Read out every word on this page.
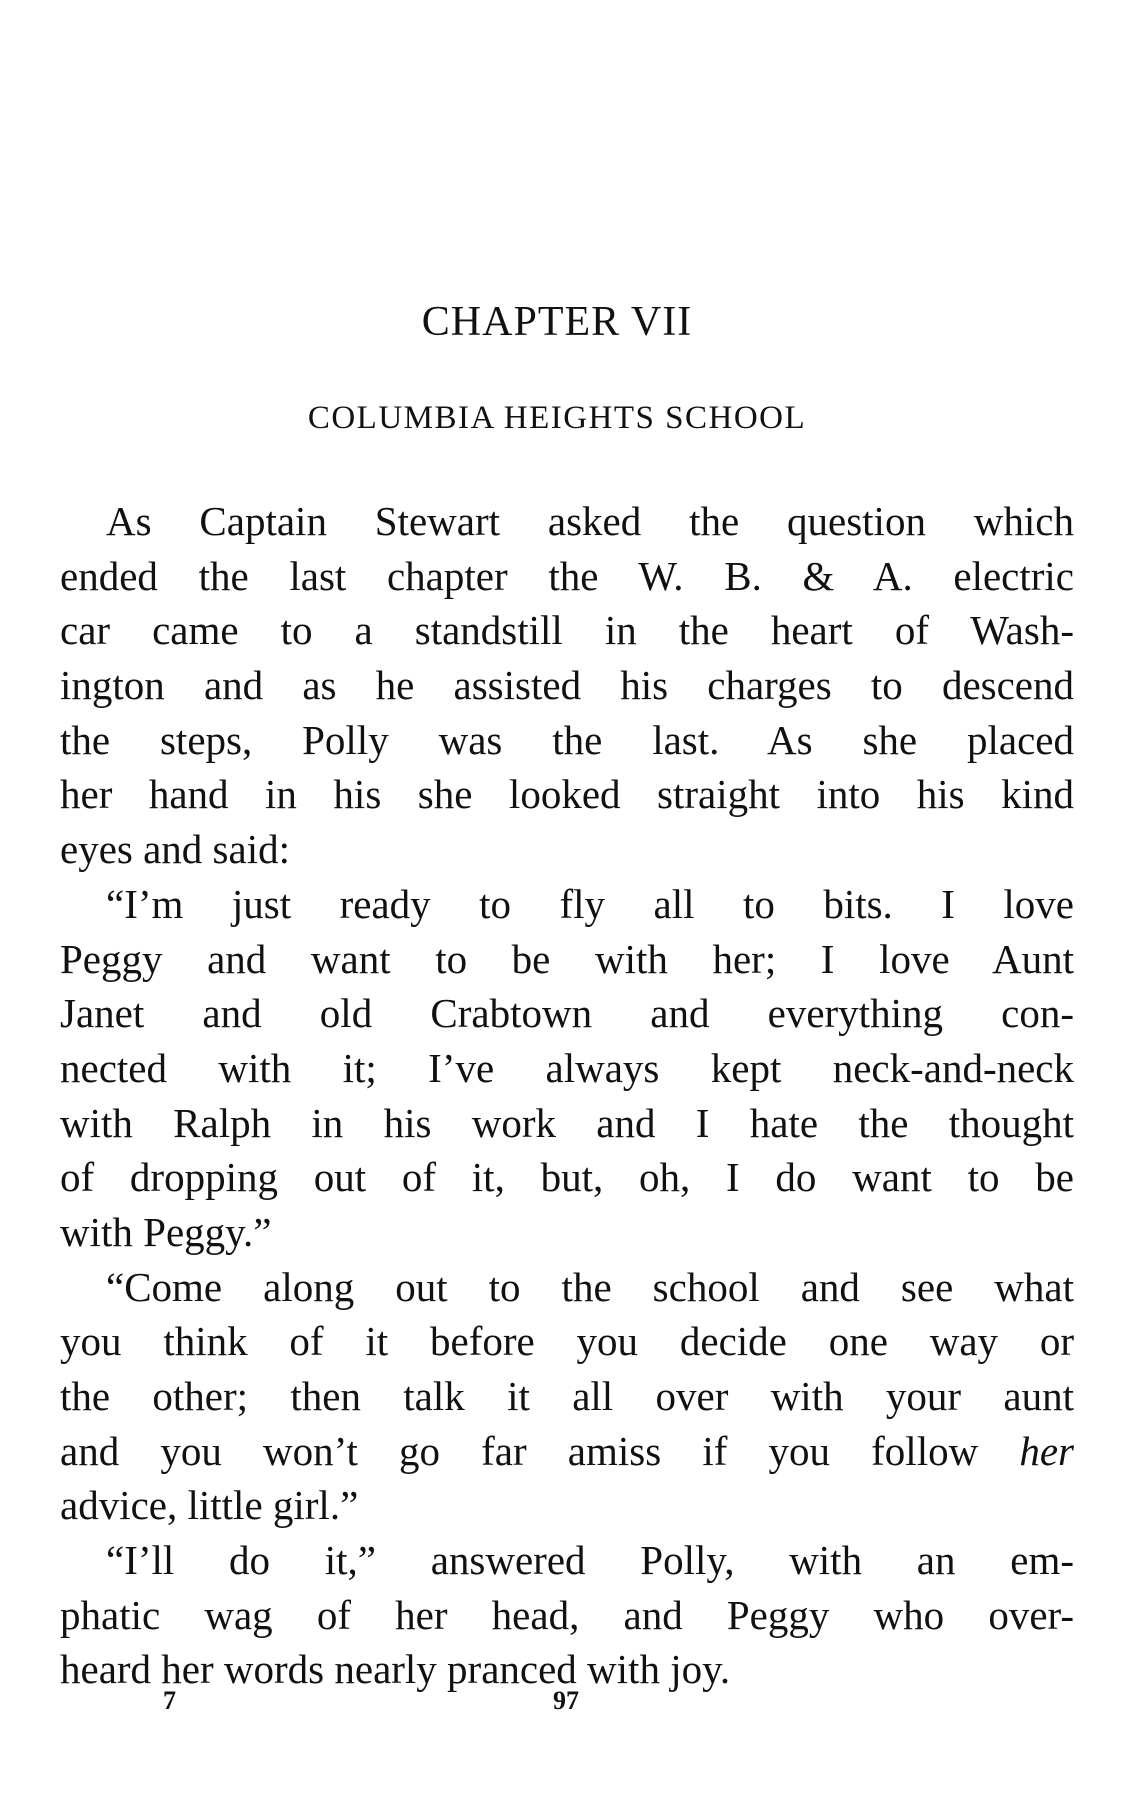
CHAPTER VII
COLUMBIA HEIGHTS SCHOOL
As Captain Stewart asked the question which
ended the last chapter the W. B. & A. electric
car came to a standstill in the heart of Wash-
ington and as he assisted his charges to descend
the steps, Polly was the last. As she placed
her hand in his she looked straight into his kind
eyes and said:
“I’m just ready to fly all to bits. I love
Peggy and want to be with her; I love Aunt
Janet and old Crabtown and everything con-
nected with it; I’ve always kept neck-and-neck
with Ralph in his work and I hate the thought
of dropping out of it, but, oh, I do want to be
with Peggy.”
“Come along out to the school and see what
you think of it before you decide one way or
the other; then talk it all over with your aunt
and you won’t go far amiss if you follow her
advice, little girl.”
“I’ll do it,” answered Polly, with an em-
phatic wag of her head, and Peggy who over-
heard her words nearly pranced with joy.
7	97
